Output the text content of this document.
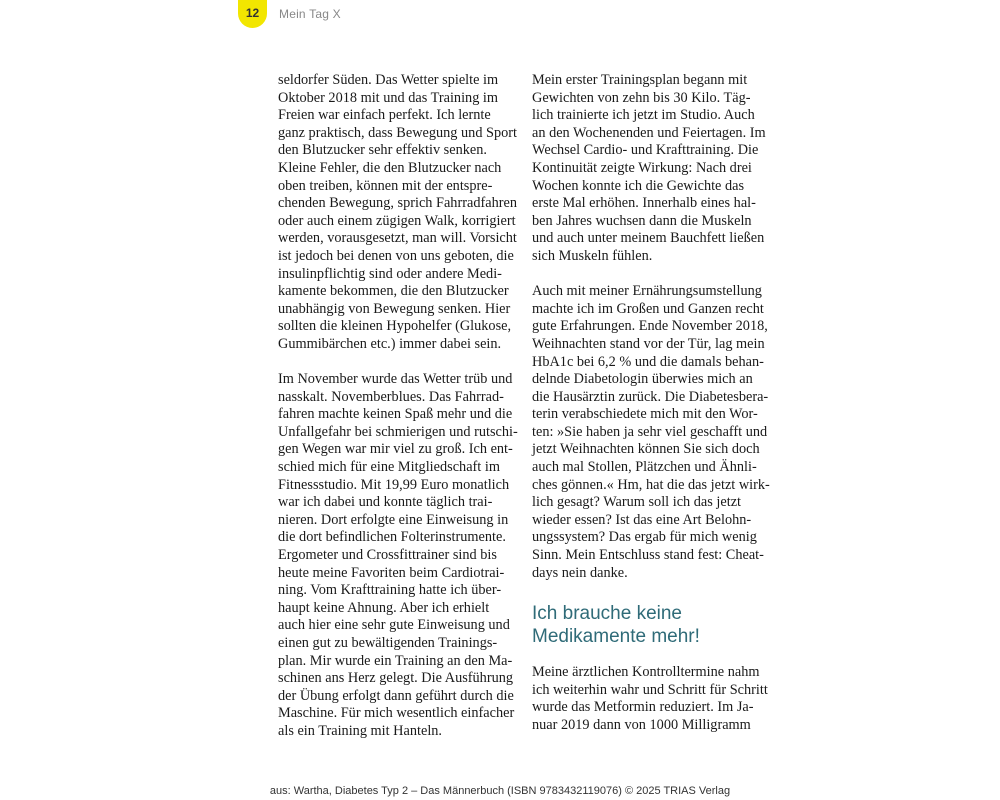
12	Mein Tag X

seldorfer Süden. Das Wetter spielte im

Oktober 2018 mit und das Training im

Freien war einfach perfekt. Ich lernte

ganz praktisch, dass Bewegung und Sport

den Blutzucker sehr effektiv senken.

Kleine Fehler, die den Blutzucker nach

oben treiben, können mit der entspre-

chenden Bewegung, sprich Fahrradfahren

oder auch einem zügigen Walk, korrigiert

werden, vorausgesetzt, man will. Vorsicht

ist jedoch bei denen von uns geboten, die

insulinpflichtig sind oder andere Medi-

kamente bekommen, die den Blutzucker

unabhängig von Bewegung senken. Hier

sollten die kleinen Hypohelfer (Glukose,

Gummibärchen etc.) immer dabei sein.

Im November wurde das Wetter trüb und

nasskalt. Novemberblues. Das Fahrrad-

fahren machte keinen Spaß mehr und die

Unfallgefahr bei schmierigen und rutschi-

gen Wegen war mir viel zu groß. Ich ent-

schied mich für eine Mitgliedschaft im

Fitnessstudio. Mit 19,99 Euro monatlich

war ich dabei und konnte täglich trai-

nieren. Dort erfolgte eine Einweisung in

die dort befindlichen Folterinstrumente.

Ergometer und Crossfittrainer sind bis

heute meine Favoriten beim Cardiotrai-

ning. Vom Krafttraining hatte ich über-

haupt keine Ahnung. Aber ich erhielt

auch hier eine sehr gute Einweisung und

einen gut zu bewältigenden Trainings-

plan. Mir wurde ein Training an den Ma-

schinen ans Herz gelegt. Die Ausführung

der Übung erfolgt dann geführt durch die

Maschine. Für mich wesentlich einfacher

als ein Training mit Hanteln.

Mein erster Trainingsplan begann mit

Gewichten von zehn bis 30 Kilo. Täg-

lich trainierte ich jetzt im Studio. Auch

an den Wochenenden und Feiertagen. Im

Wechsel Cardio- und Krafttraining. Die

Kontinuität zeigte Wirkung: Nach drei

Wochen konnte ich die Gewichte das

erste Mal erhöhen. Innerhalb eines hal-

ben Jahres wuchsen dann die Muskeln

und auch unter meinem Bauchfett ließen

sich Muskeln fühlen.

Auch mit meiner Ernährungsumstellung

machte ich im Großen und Ganzen recht

gute Erfahrungen. Ende November 2018,

Weihnachten stand vor der Tür, lag mein

HbA1c bei 6,2 % und die damals behan-

delnde Diabetologin überwies mich an

die Hausärztin zurück. Die Diabetesbera-

terin verabschiedete mich mit den Wor-

ten: »Sie haben ja sehr viel geschafft und

jetzt Weihnachten können Sie sich doch

auch mal Stollen, Plätzchen und Ähnli-

ches gönnen.« Hm, hat die das jetzt wirk-

lich gesagt? Warum soll ich das jetzt

wieder essen? Ist das eine Art Belohn-

ungssystem? Das ergab für mich wenig

Sinn. Mein Entschluss stand fest: Cheat-

days nein danke.

Ich brauche keine
Medikamente mehr!

Meine ärztlichen Kontrolltermine nahm

ich weiterhin wahr und Schritt für Schritt

wurde das Metformin reduziert. Im Ja-

nuar 2019 dann von 1000 Milligramm

aus: Wartha, Diabetes Typ 2 – Das Männerbuch (ISBN 9783432119076) © 2025 TRIAS Verlag
